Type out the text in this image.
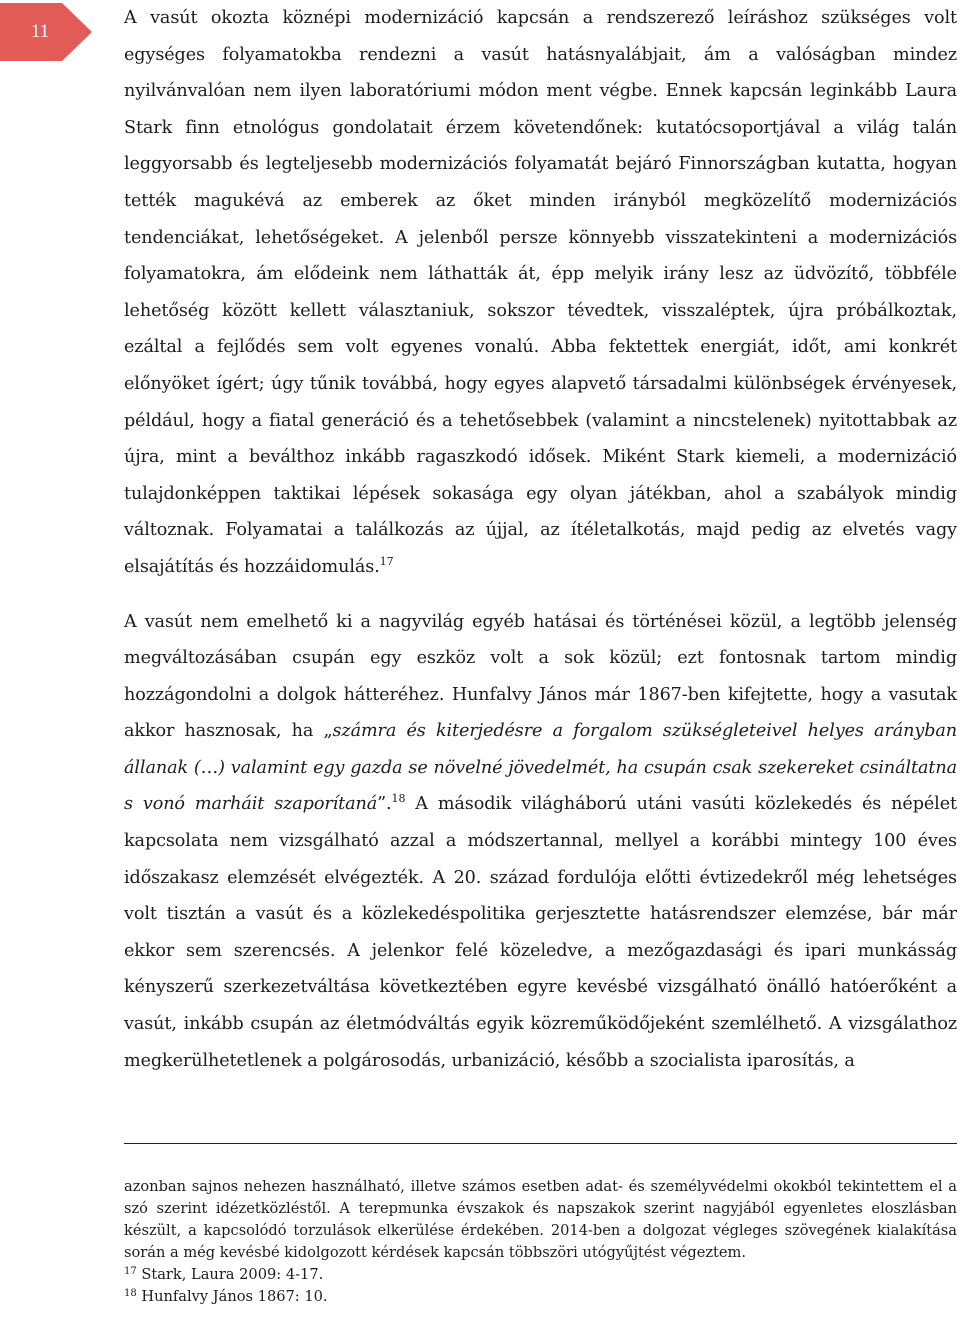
11

A vasút okozta köznépi modernizáció kapcsán a rendszerező leíráshoz szükséges volt egységes folyamatokba rendezni a vasút hatásnyalábjait, ám a valóságban mindez nyilvánvalóan nem ilyen laboratóriumi módon ment végbe. Ennek kapcsán leginkább Laura Stark finn etnológus gondolatait érzem követendőnek: kutatócsoportjával a világ talán leggyorsabb és legteljesebb modernizációs folyamatát bejáró Finnországban kutatta, hogyan tették magukévá az emberek az őket minden irányból megközelítő modernizációs tendenciákat, lehetőségeket. A jelenből persze könnyebb visszatekinteni a modernizációs folyamatokra, ám elődeink nem láthatták át, épp melyik irány lesz az üdvözítő, többféle lehetőség között kellett választaniuk, sokszor tévedtek, visszaléptek, újra próbálkoztak, ezáltal a fejlődés sem volt egyenes vonalú. Abba fektettek energiát, időt, ami konkrét előnyöket ígért; úgy tűnik továbbá, hogy egyes alapvető társadalmi különbségek érvényesek, például, hogy a fiatal generáció és a tehetősebbek (valamint a nincstelenek) nyitottabbak az újra, mint a beválthoz inkább ragaszkodó idősek. Miként Stark kiemeli, a modernizáció tulajdonképpen taktikai lépések sokasága egy olyan játékban, ahol a szabályok mindig változnak. Folyamatai a találkozás az újjal, az ítéletalkotás, majd pedig az elvetés vagy elsajátítás és hozzáidomulás.$^{17}$

A vasút nem emelhető ki a nagyvilág egyéb hatásai és történései közül, a legtöbb jelenség megváltozásában csupán egy eszköz volt a sok közül; ezt fontosnak tartom mindig hozzágondolni a dolgok hátteréhez. Hunfalvy János már 1867-ben kifejtette, hogy a vasutak akkor hasznosak, ha „számra és kiterjedésre a forgalom szükségleteivel helyes arányban állanak (…) valamint egy gazda se növelné jövedelmét, ha csupán csak szekereket csináltatna s vonó marháit szaporítaná”.$^{18}$ A második világháború utáni vasúti közlekedés és népélet kapcsolata nem vizsgálható azzal a módszertannal, mellyel a korábbi mintegy 100 éves időszakasz elemzését elvégezték. A 20. század fordulója előtti évtizedekről még lehetséges volt tisztán a vasút és a közlekedéspolitika gerjesztette hatásrendszer elemzése, bár már ekkor sem szerencsés. A jelenkor felé közeledve, a mezőgazdasági és ipari munkásság kényszerű szerkezetváltása következtében egyre kevésbé vizsgálható önálló hatóerőként a vasút, inkább csupán az életmódváltás egyik közreműködőjeként szemlélhető. A vizsgálathoz megkerülhetetlenek a polgárosodás, urbanizáció, később a szocialista iparosítás, a

azonban sajnos nehezen használható, illetve számos esetben adat- és személyvédelmi okokból tekintettem el a szó szerint idézetközléstől. A terepmunka évszakok és napszakok szerint nagyjából egyenletes eloszlásban készült, a kapcsolódó torzulások elkerülése érdekében. 2014-ben a dolgozat végleges szövegének kialakítása során a még kevésbé kidolgozott kérdések kapcsán többszöri utógyűjtést végeztem.

$^{17}$ Stark, Laura 2009: 4-17.

$^{18}$ Hunfalvy János 1867: 10.
